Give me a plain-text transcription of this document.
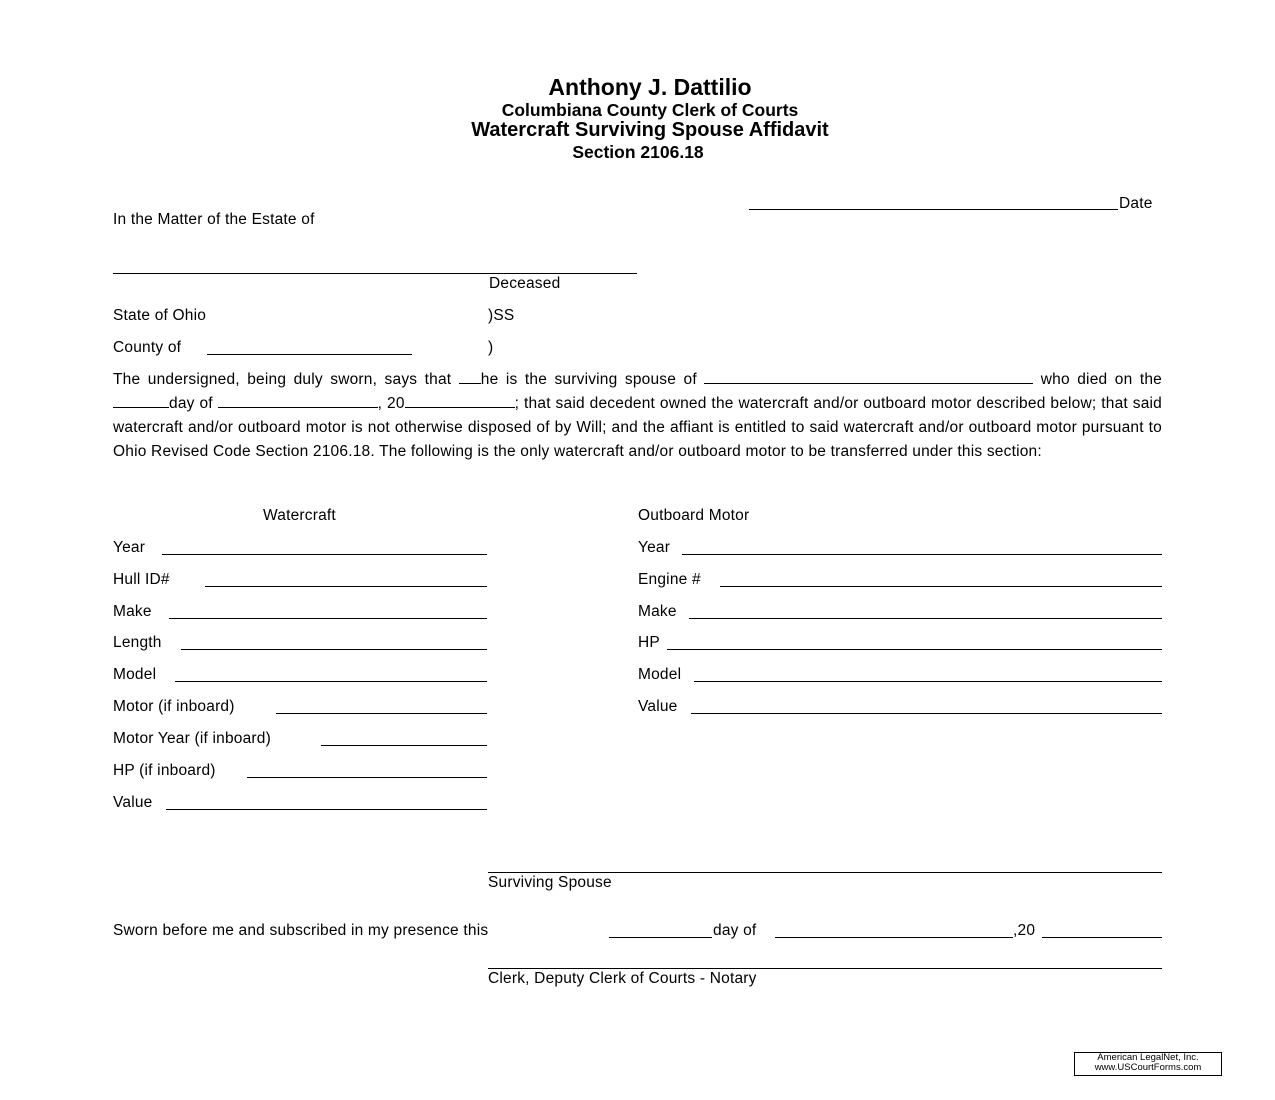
Anthony J. Dattilio
Columbiana County Clerk of Courts
Watercraft Surviving Spouse Affidavit
Section 2106.18
Date
In the Matter of the Estate of
Deceased
State of Ohio	)SS
County of	)
The undersigned, being duly sworn, says that he is the surviving spouse of	who died on the day of	, 20	; that said decedent owned the watercraft and/or outboard motor described below; that said watercraft and/or outboard motor is not otherwise disposed of by Will; and the affiant is entitled to said watercraft and/or outboard motor pursuant to Ohio Revised Code Section 2106.18. The following is the only watercraft and/or outboard motor to be transferred under this section:
Watercraft
Year
Hull ID#
Make
Length
Model
Motor (if inboard)
Motor Year (if inboard)
HP (if inboard)
Value
Outboard Motor
Year
Engine #
Make
HP
Model
Value
Surviving Spouse
Sworn before me and subscribed in my presence this	day of	,20
Clerk, Deputy Clerk of Courts - Notary
American LegalNet, Inc.
www.USCourtForms.com
